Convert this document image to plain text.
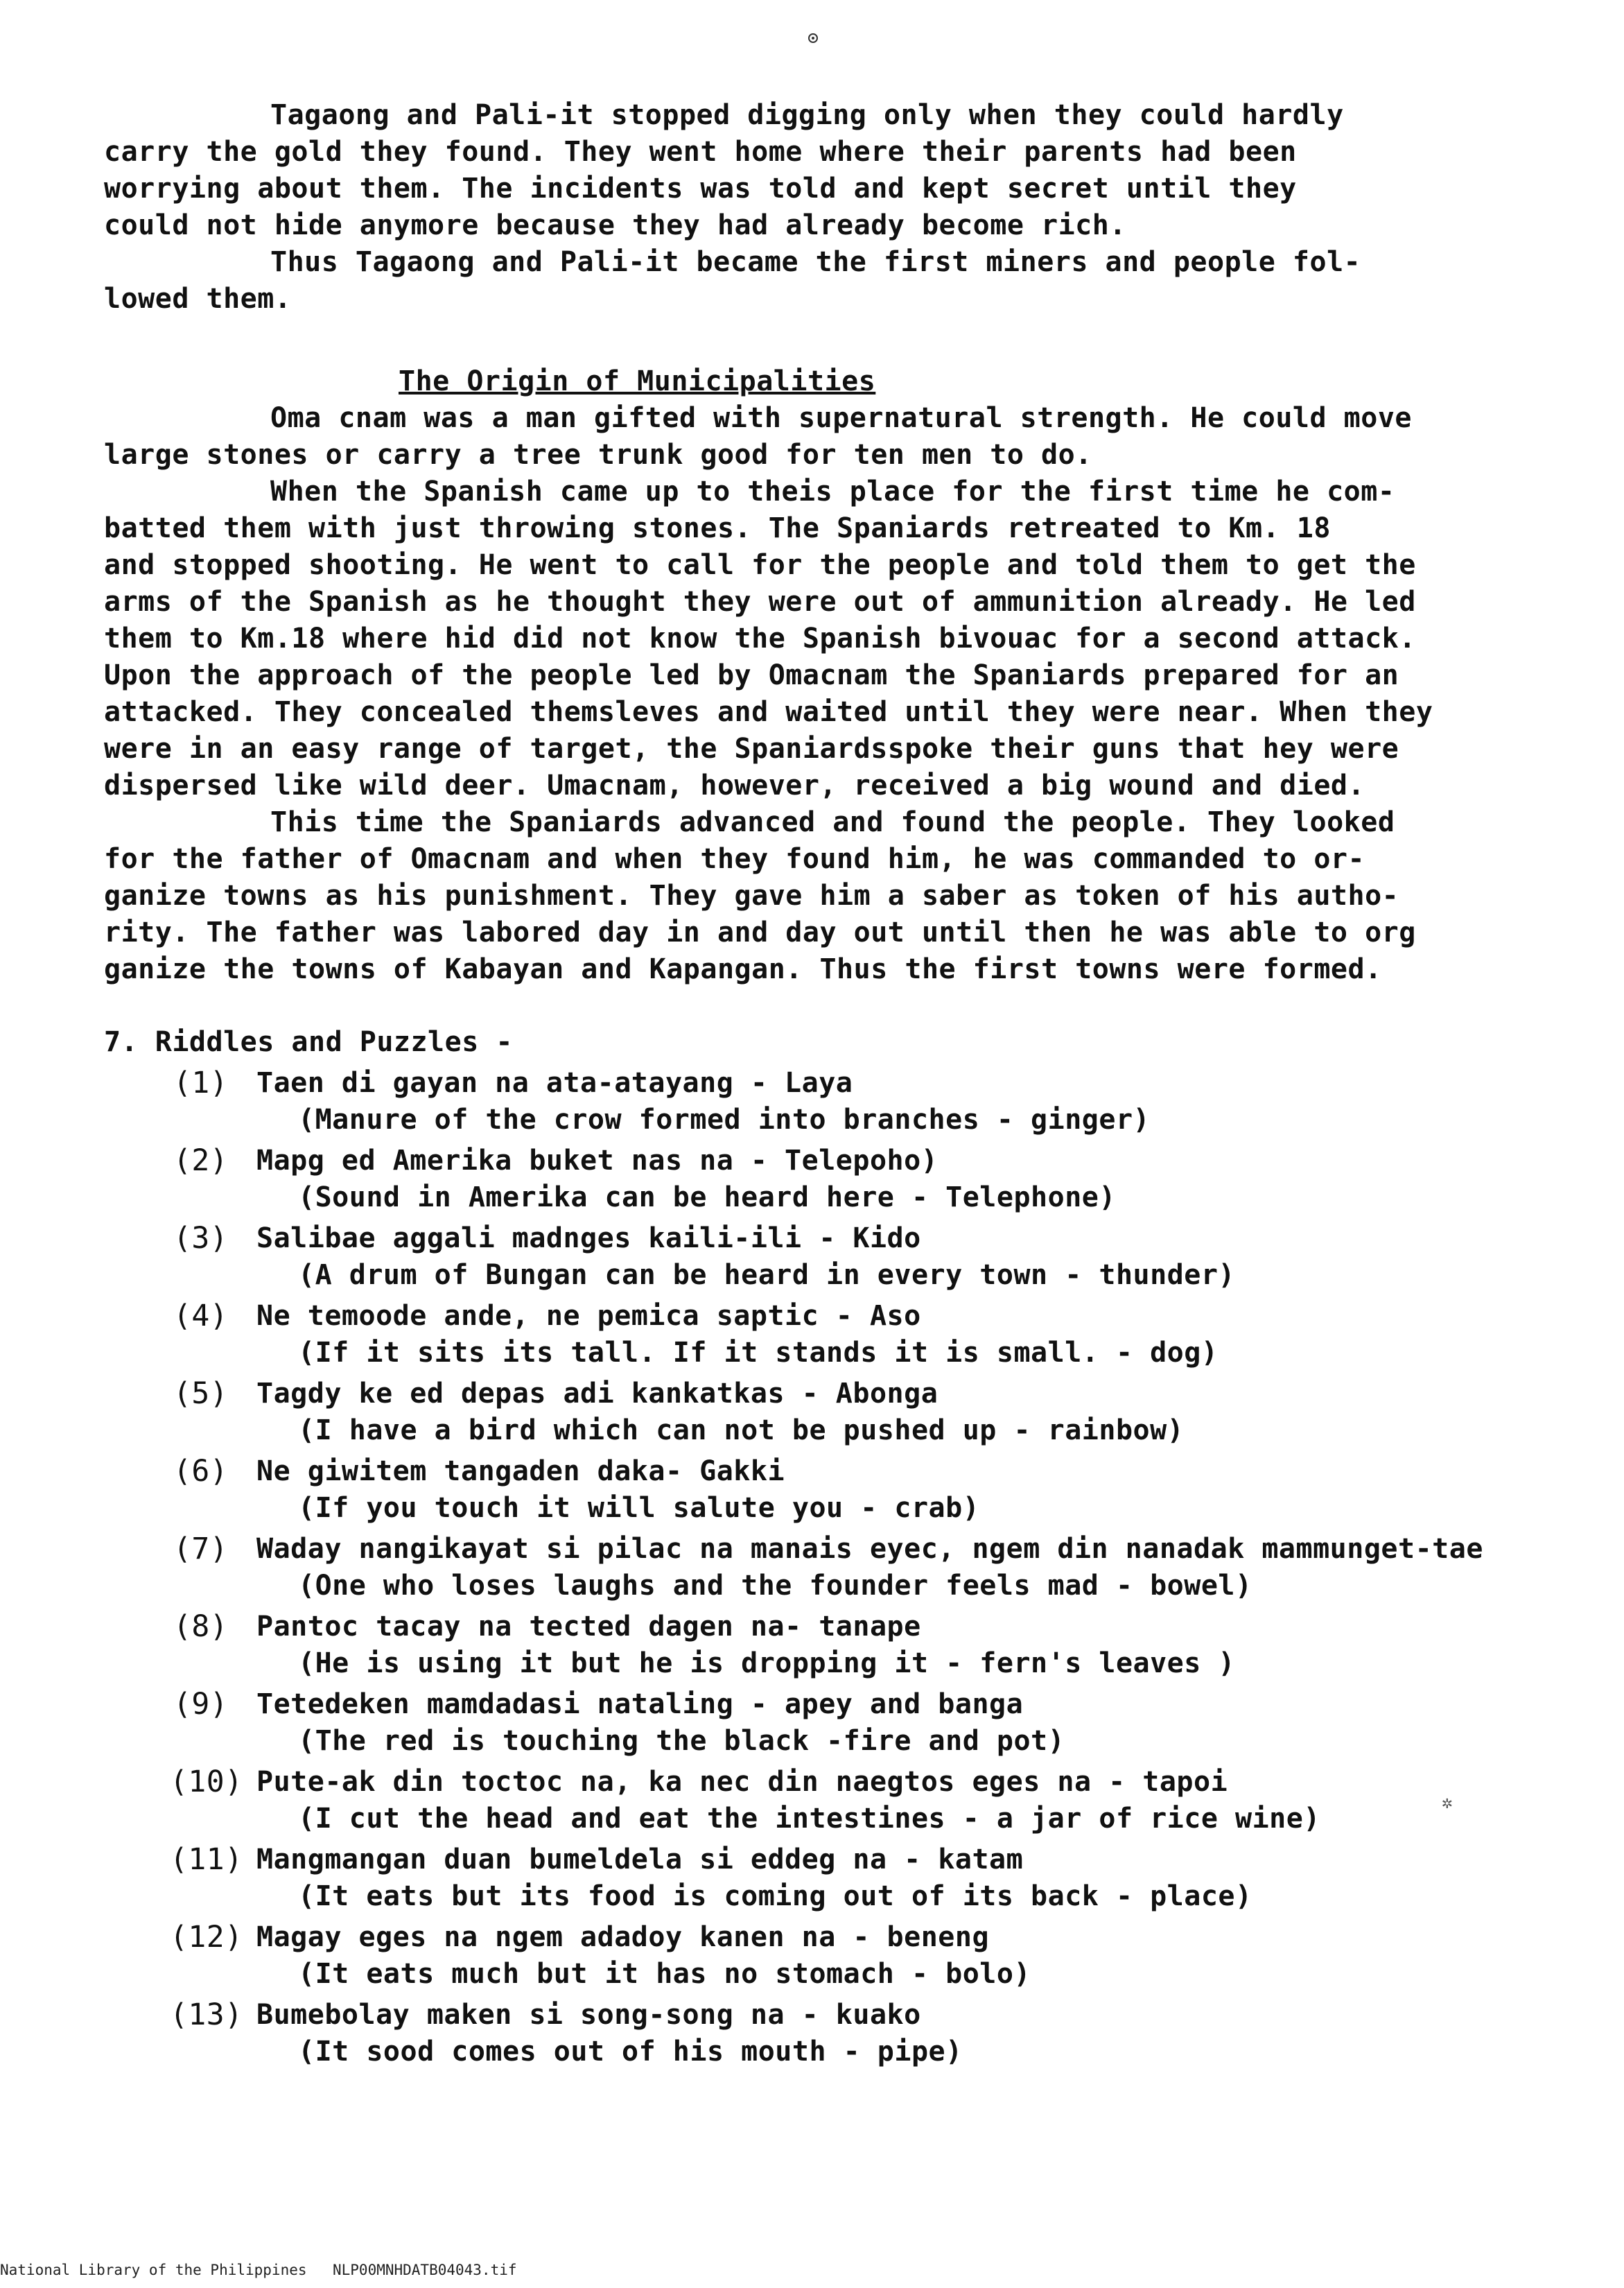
✲
Tagaong and Pali-it stopped digging only when they could hardly
carry the gold they found. They went home where their parents had been
worrying about them. The incidents was told and kept secret until they
could not hide anymore because they had already become rich.
Thus Tagaong and Pali-it became the first miners and people fol-
lowed them.
The Origin of Municipalities
Oma cnam was a man gifted with supernatural strength. He could move
large stones or carry a tree trunk good for ten men to do.
When the Spanish came up to theis place for the first time he com-
batted them with just throwing stones. The Spaniards retreated to Km. 18
and stopped shooting. He went to call for the people and told them to get the
arms of the Spanish as he thought they were out of ammunition already. He led
them to Km.18 where hid did not know the Spanish bivouac for a second attack.
Upon the approach of the people led by Omacnam the Spaniards prepared for an
attacked. They concealed themsleves and waited until they were near. When they
were in an easy range of target, the Spaniardsspoke their guns that hey were
dispersed like wild deer. Umacnam, however, received a big wound and died.
This time the Spaniards advanced and found the people. They looked
for the father of Omacnam and when they found him, he was commanded to or-
ganize towns as his punishment. They gave him a saber as token of his autho-
rity. The father was labored day in and day out until then he was able to org
ganize the towns of Kabayan and Kapangan. Thus the first towns were formed.
7. Riddles and Puzzles -
(1)	Taen di gayan na ata-atayang - Laya
(Manure of the crow formed into branches - ginger)
(2)	Mapg ed Amerika buket nas na - Telepoho)
(Sound in Amerika can be heard here - Telephone)
(3)	Salibae aggali madnges kaili-ili - Kido
(A drum of Bungan can be heard in every town - thunder)
(4)	Ne temoode ande, ne pemica saptic - Aso
(If it sits its tall. If it stands it is small. - dog)
(5)	Tagdy ke ed depas adi kankatkas - Abonga
(I have a bird which can not be pushed up - rainbow)
(6)	Ne giwitem tangaden daka- Gakki
(If you touch it will salute you - crab)
(7)	Waday nangikayat si pilac na manais eyec, ngem din nanadak mammunget-tae
(One who loses laughs and the founder feels mad - bowel)
(8)	Pantoc tacay na tected dagen na- tanape
(He is using it but he is dropping it - fern's leaves )
(9)	Tetedeken mamdadasi nataling - apey and banga
(The red is touching the black -fire and pot)
(10) Pute-ak din toctoc na, ka nec din naegtos eges na - tapoi
(I cut the head and eat the intestines - a jar of rice wine)
(11) Mangmangan duan bumeldela si eddeg na - katam
(It eats but its food is coming out of its back - place)
(12) Magay eges na ngem adadoy kanen na - beneng
(It eats much but it has no stomach - bolo)
(13) Bumebolay maken si song-song na - kuako
(It sood comes out of his mouth - pipe)
National Library of the Philippines NLP00MNHDATB04043.tif
